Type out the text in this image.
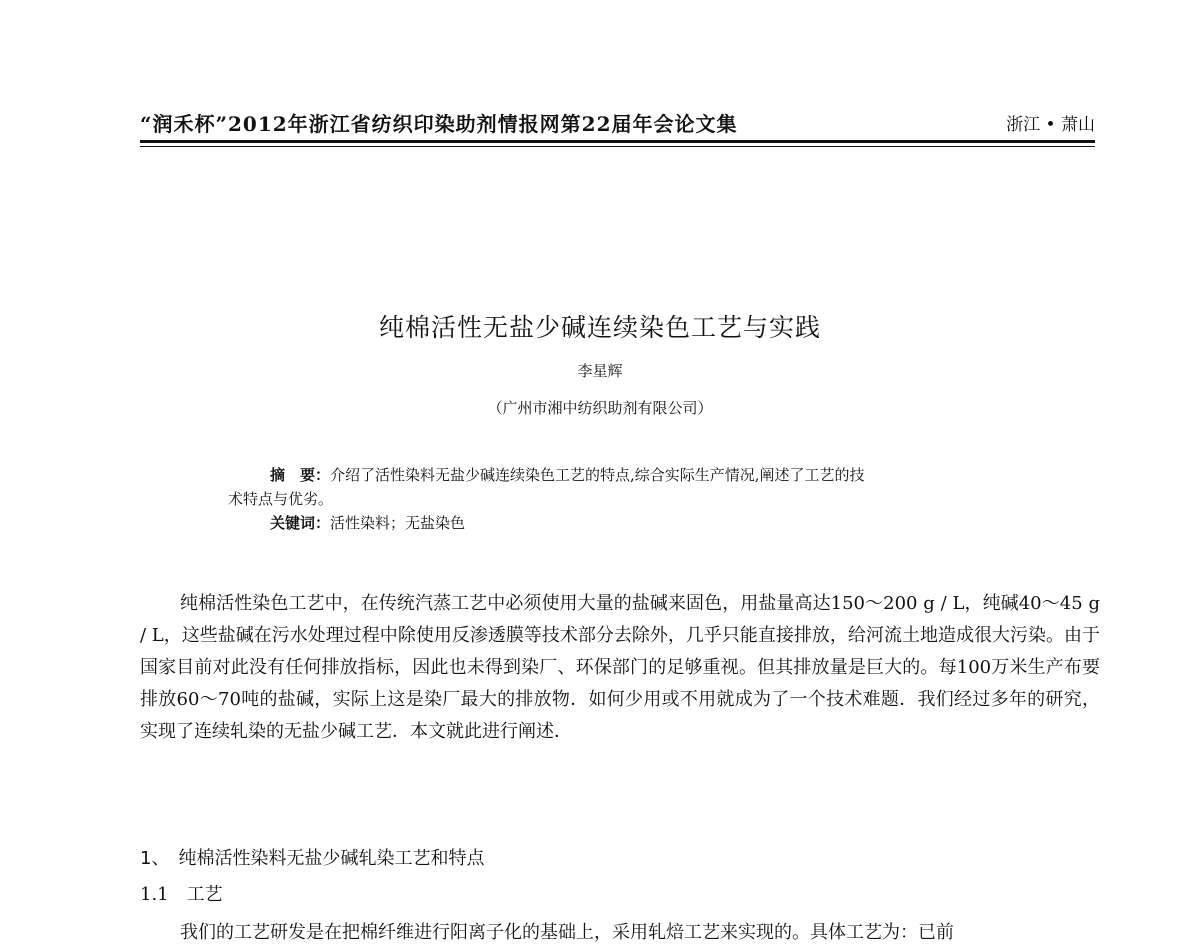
“润禾杯”2012年浙江省纺织印染助剂情报网第22届年会论文集	浙江 • 萧山
纯棉活性无盐少碱连续染色工艺与实践
李星辉
（广州市湘中纺织助剂有限公司）

摘　要：介绍了活性染料无盐少碱连续染色工艺的特点,综合实际生产情况,阐述了工艺的技

术特点与优劣。

关键词：活性染料；无盐染色

纯棉活性染色工艺中，在传统汽蒸工艺中必须使用大量的盐碱来固色，用盐量高达150～200 g / L，纯碱40～45 g / L，这些盐碱在污水处理过程中除使用反渗透膜等技术部分去除外，几乎只能直接排放，给河流土地造成很大污染。由于国家目前对此没有任何排放指标，因此也未得到染厂、环保部门的足够重视。但其排放量是巨大的。每100万米生产布要排放60～70吨的盐碱，实际上这是染厂最大的排放物．如何少用或不用就成为了一个技术难题．我们经过多年的研究，实现了连续轧染的无盐少碱工艺．本文就此进行阐述．

1、　纯棉活性染料无盐少碱轧染工艺和特点
1.1　工艺
我们的工艺研发是在把棉纤维进行阳离子化的基础上，采用轧焙工艺来实现的。具体工艺为：已前
